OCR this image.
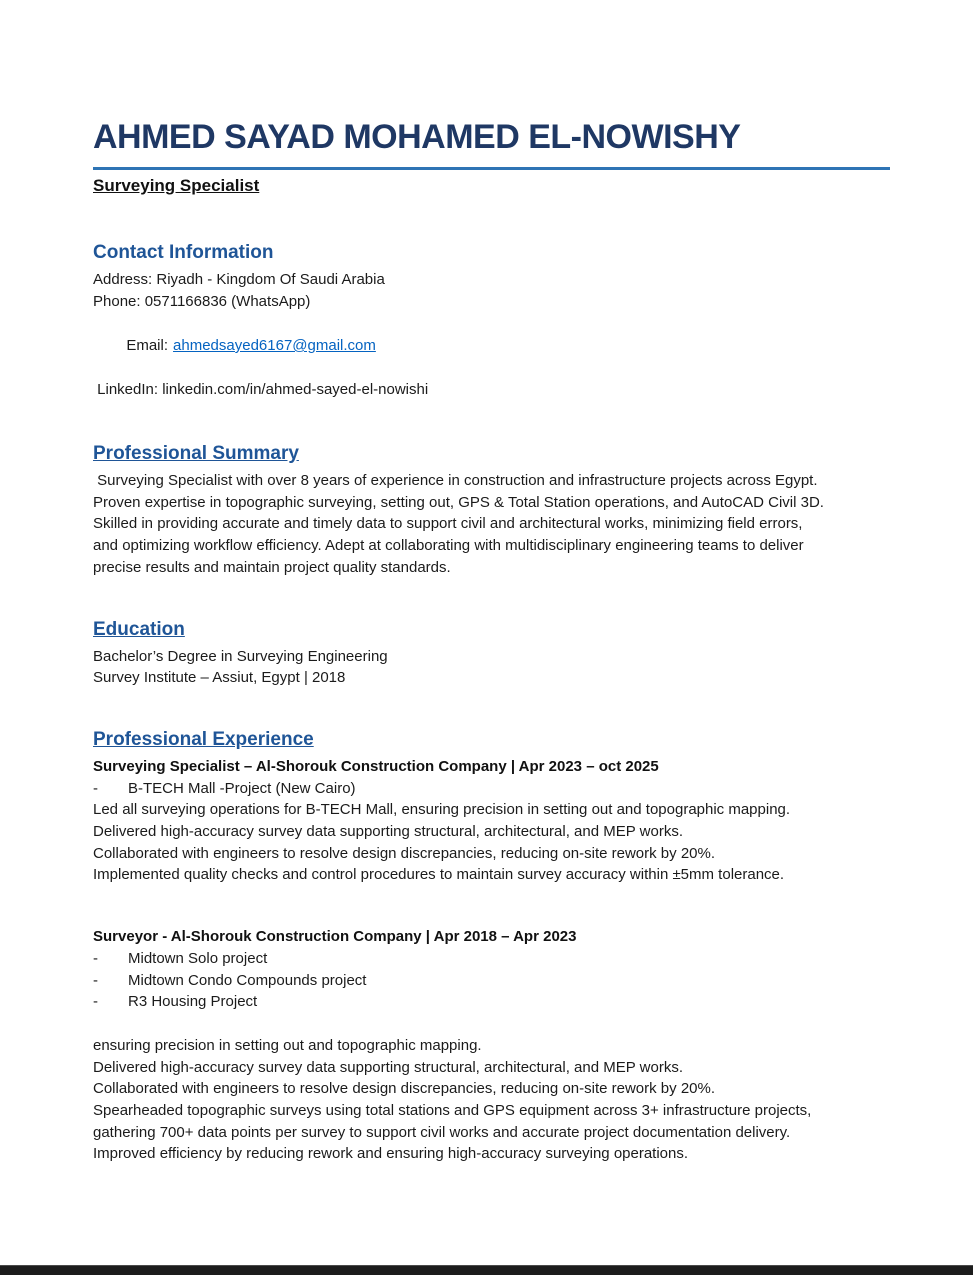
AHMED SAYAD MOHAMED EL-NOWISHY
Surveying Specialist
Contact Information
Address: Riyadh - Kingdom Of Saudi Arabia
Phone: 0571166836 (WhatsApp)

Email: ahmedsayed6167@gmail.com

LinkedIn: linkedin.com/in/ahmed-sayed-el-nowishi
Professional Summary
Surveying Specialist with over 8 years of experience in construction and infrastructure projects across Egypt.
Proven expertise in topographic surveying, setting out, GPS & Total Station operations, and AutoCAD Civil 3D.
Skilled in providing accurate and timely data to support civil and architectural works, minimizing field errors,
and optimizing workflow efficiency. Adept at collaborating with multidisciplinary engineering teams to deliver
precise results and maintain project quality standards.
Education
Bachelor’s Degree in Surveying Engineering
Survey Institute – Assiut, Egypt | 2018
Professional Experience
Surveying Specialist – Al-Shorouk Construction Company | Apr 2023 – oct 2025
-	B-TECH Mall -Project (New Cairo)
Led all surveying operations for B-TECH Mall, ensuring precision in setting out and topographic mapping.
Delivered high-accuracy survey data supporting structural, architectural, and MEP works.
Collaborated with engineers to resolve design discrepancies, reducing on-site rework by 20%.
Implemented quality checks and control procedures to maintain survey accuracy within ±5mm tolerance.
Surveyor - Al-Shorouk Construction Company | Apr 2018 – Apr 2023
-	Midtown Solo project
-	Midtown Condo Compounds project
-	R3 Housing Project
ensuring precision in setting out and topographic mapping.
Delivered high-accuracy survey data supporting structural, architectural, and MEP works.
Collaborated with engineers to resolve design discrepancies, reducing on-site rework by 20%.
Spearheaded topographic surveys using total stations and GPS equipment across 3+ infrastructure projects,
gathering 700+ data points per survey to support civil works and accurate project documentation delivery.
Improved efficiency by reducing rework and ensuring high-accuracy surveying operations.
